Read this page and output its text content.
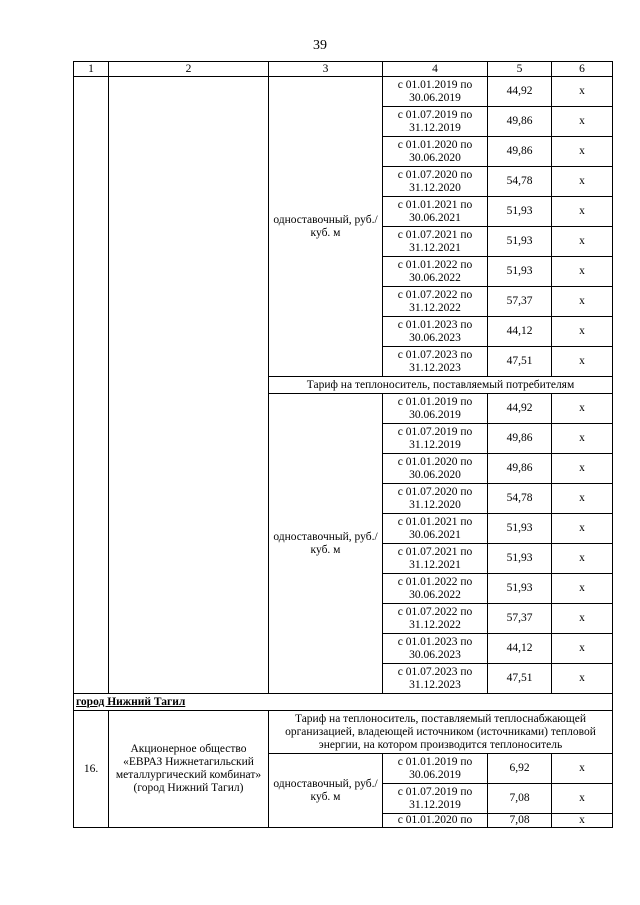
39
1	2	3	4	5	6
		одноставочный, руб./куб. м	с 01.01.2019 по 30.06.2019	44,92	x
			с 01.07.2019 по 31.12.2019	49,86	x
			с 01.01.2020 по 30.06.2020	49,86	x
			с 01.07.2020 по 31.12.2020	54,78	x
			с 01.01.2021 по 30.06.2021	51,93	x
			с 01.07.2021 по 31.12.2021	51,93	x
			с 01.01.2022 по 30.06.2022	51,93	x
			с 01.07.2022 по 31.12.2022	57,37	x
			с 01.01.2023 по 30.06.2023	44,12	x
			с 01.07.2023 по 31.12.2023	47,51	x
		Тариф на теплоноситель, поставляемый потребителям			
		одноставочный, руб./куб. м	с 01.01.2019 по 30.06.2019	44,92	x
			с 01.07.2019 по 31.12.2019	49,86	x
			с 01.01.2020 по 30.06.2020	49,86	x
			с 01.07.2020 по 31.12.2020	54,78	x
			с 01.01.2021 по 30.06.2021	51,93	x
			с 01.07.2021 по 31.12.2021	51,93	x
			с 01.01.2022 по 30.06.2022	51,93	x
			с 01.07.2022 по 31.12.2022	57,37	x
			с 01.01.2023 по 30.06.2023	44,12	x
			с 01.07.2023 по 31.12.2023	47,51	x
город Нижний Тагил					
16.	Акционерное общество «ЕВРАЗ Нижнетагильский металлургический комбинат» (город Нижний Тагил)	Тариф на теплоноситель, поставляемый теплоснабжающей организацией, владеющей источником (источниками) тепловой энергии, на котором производится теплоноситель			
		одноставочный, руб./куб. м	с 01.01.2019 по 30.06.2019	6,92	x
			с 01.07.2019 по 31.12.2019	7,08	x
			с 01.01.2020 по	7,08	x
